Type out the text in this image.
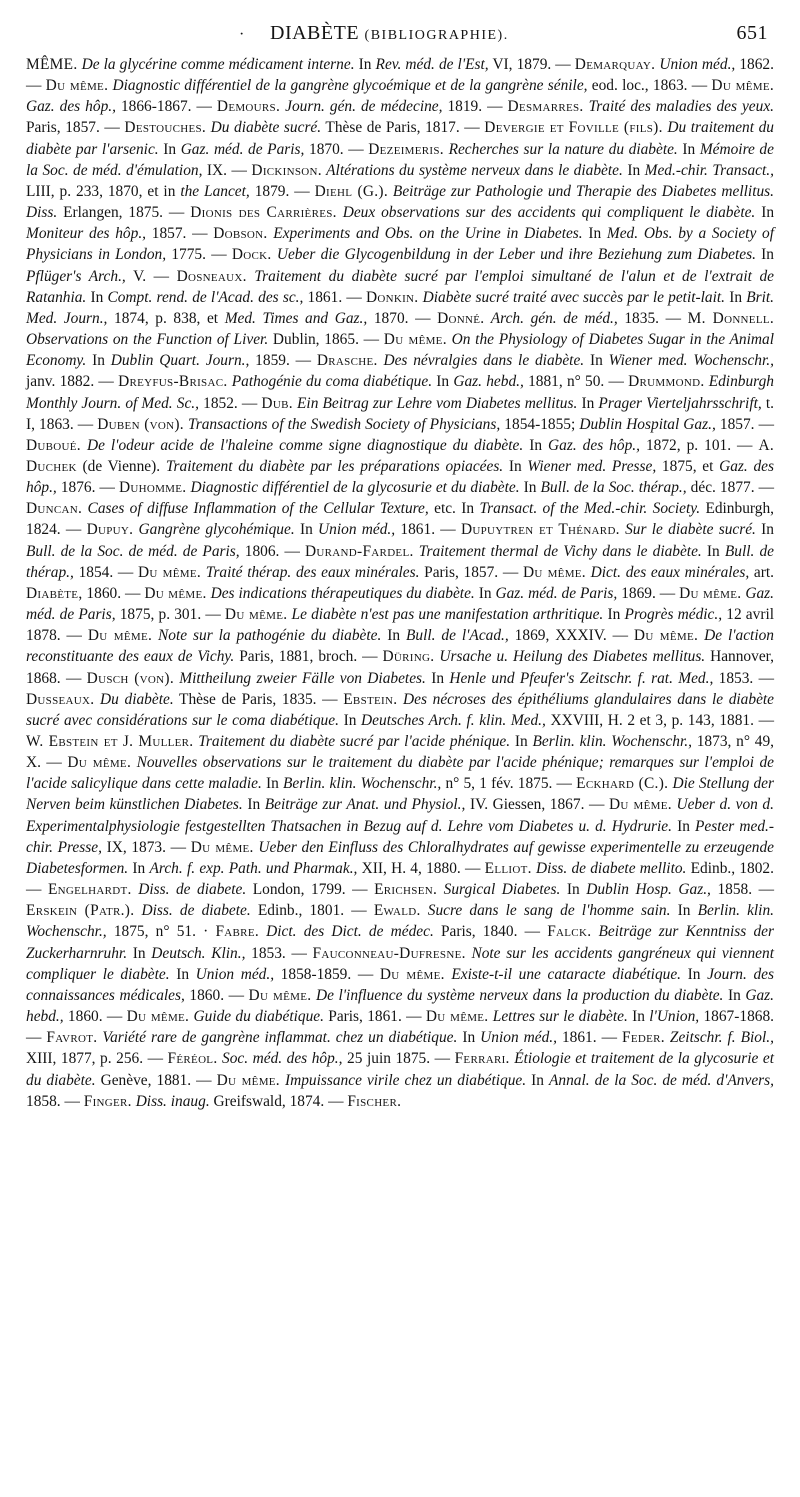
· DIABÈTE (BIBLIOGRAPHIE).	651
MÊME. De la glycérine comme médicament interne. In Rev. méd. de l'Est, VI, 1879. — Demarquay. Union méd., 1862. — Du même. Diagnostic différentiel de la gangrène glycoémique et de la gangrène sénile, eod. loc., 1863. — Du même. Gaz. des hôp., 1866-1867. — Demours. Journ. gén. de médecine, 1819. — Desmarres. Traité des maladies des yeux. Paris, 1857. — Destouches. Du diabète sucré. Thèse de Paris, 1817. — Devergie et Foville (fils). Du traitement du diabète par l'arsenic. In Gaz. méd. de Paris, 1870. — Dezeimeris. Recherches sur la nature du diabète. In Mémoire de la Soc. de méd. d'émulation, IX. — Dickinson. Altérations du système nerveux dans le diabète. In Med.-chir. Transact., LIII, p. 233, 1870, et in the Lancet, 1879. — Diehl (G.). Beiträge zur Pathologie und Therapie des Diabetes mellitus. Diss. Erlangen, 1875. — Dionis des Carrières. Deux observations sur des accidents qui compliquent le diabète. In Moniteur des hôp., 1857. — Dobson. Experiments and Obs. on the Urine in Diabetes. In Med. Obs. by a Society of Physicians in London, 1775. — Dock. Ueber die Glycogenbildung in der Leber und ihre Beziehung zum Diabetes. In Pflüger's Arch., V. — Dosneaux. Traitement du diabète sucré par l'emploi simultané de l'alun et de l'extrait de Ratanhia. In Compt. rend. de l'Acad. des sc., 1861. — Donkin. Diabète sucré traité avec succès par le petit-lait. In Brit. Med. Journ., 1874, p. 838, et Med. Times and Gaz., 1870. — Donné. Arch. gén. de méd., 1835. — M. Donnell. Observations on the Function of Liver. Dublin, 1865. — Du même. On the Physiology of Diabetes Sugar in the Animal Economy. In Dublin Quart. Journ., 1859. — Drasche. Des névralgies dans le diabète. In Wiener med. Wochenschr., janv. 1882. — Dreyfus-Brisac. Pathogénie du coma diabétique. In Gaz. hebd., 1881, n° 50. — Drummond. Edinburgh Monthly Journ. of Med. Sc., 1852. — Dub. Ein Beitrag zur Lehre vom Diabetes mellitus. In Prager Vierteljahrsschrift, t. I, 1863. — Duben (von). Transactions of the Swedish Society of Physicians, 1854-1855; Dublin Hospital Gaz., 1857. — Duboué. De l'odeur acide de l'haleine comme signe diagnostique du diabète. In Gaz. des hôp., 1872, p. 101. — A. Duchek (de Vienne). Traitement du diabète par les préparations opiacées. In Wiener med. Presse, 1875, et Gaz. des hôp., 1876. — Duhomme. Diagnostic différentiel de la glycosurie et du diabète. In Bull. de la Soc. thérap., déc. 1877. — Duncan. Cases of diffuse Inflammation of the Cellular Texture, etc. In Transact. of the Med.-chir. Society. Edinburgh, 1824. — Dupuy. Gangrène glycohémique. In Union méd., 1861. — Dupuytren et Thénard. Sur le diabète sucré. In Bull. de la Soc. de méd. de Paris, 1806. — Durand-Fardel. Traitement thermal de Vichy dans le diabète. In Bull. de thérap., 1854. — Du même. Traité thérap. des eaux minérales. Paris, 1857. — Du même. Dict. des eaux minérales, art. Diabète, 1860. — Du même. Des indications thérapeutiques du diabète. In Gaz. méd. de Paris, 1869. — Du même. Gaz. méd. de Paris, 1875, p. 301. — Du même. Le diabète n'est pas une manifestation arthritique. In Progrès médic., 12 avril 1878. — Du même. Note sur la pathogénie du diabète. In Bull. de l'Acad., 1869, XXXIV. — Du même. De l'action reconstituante des eaux de Vichy. Paris, 1881, broch. — Düring. Ursache u. Heilung des Diabetes mellitus. Hannover, 1868. — Dusch (von). Mittheilung zweier Fälle von Diabetes. In Henle und Pfeufer's Zeitschr. f. rat. Med., 1853. — Dusseaux. Du diabète. Thèse de Paris, 1835. — Ebstein. Des nécroses des épithéliums glandulaires dans le diabète sucré avec considérations sur le coma diabétique. In Deutsches Arch. f. klin. Med., XXVIII, H. 2 et 3, p. 143, 1881. — W. Ebstein et J. Muller. Traitement du diabète sucré par l'acide phénique. In Berlin. klin. Wochenschr., 1873, n° 49, X. — Du même. Nouvelles observations sur le traitement du diabète par l'acide phénique; remarques sur l'emploi de l'acide salicylique dans cette maladie. In Berlin. klin. Wochenschr., n° 5, 1 fév. 1875. — Eckhard (C.). Die Stellung der Nerven beim künstlichen Diabetes. In Beiträge zur Anat. und Physiol., IV. Giessen, 1867. — Du même. Ueber d. von d. Experimentalphysiologie festgestellten Thatsachen in Bezug auf d. Lehre vom Diabetes u. d. Hydrurie. In Pester med.-chir. Presse, IX, 1873. — Du même. Ueber den Einfluss des Chloralhydrates auf gewisse experimentelle zu erzeugende Diabetesformen. In Arch. f. exp. Path. und Pharmak., XII, H. 4, 1880. — Elliot. Diss. de diabete mellito. Edinb., 1802. — Engelhardt. Diss. de diabete. London, 1799. — Erichsen. Surgical Diabetes. In Dublin Hosp. Gaz., 1858. — Erskein (Patr.). Diss. de diabete. Edinb., 1801. — Ewald. Sucre dans le sang de l'homme sain. In Berlin. klin. Wochenschr., 1875, n° 51. · Fabre. Dict. des Dict. de médec. Paris, 1840. — Falck. Beiträge zur Kenntniss der Zuckerharnruhr. In Deutsch. Klin., 1853. — Fauconneau-Dufresne. Note sur les accidents gangréneux qui viennent compliquer le diabète. In Union méd., 1858-1859. — Du même. Existe-t-il une cataracte diabétique. In Journ. des connaissances médicales, 1860. — Du même. De l'influence du système nerveux dans la production du diabète. In Gaz. hebd., 1860. — Du même. Guide du diabétique. Paris, 1861. — Du même. Lettres sur le diabète. In l'Union, 1867-1868. — Favrot. Variété rare de gangrène inflammat. chez un diabétique. In Union méd., 1861. — Feder. Zeitschr. f. Biol., XIII, 1877, p. 256. — Féréol. Soc. méd. des hôp., 25 juin 1875. — Ferrari. Étiologie et traitement de la glycosurie et du diabète. Genève, 1881. — Du même. Impuissance virile chez un diabétique. In Annal. de la Soc. de méd. d'Anvers, 1858. — Finger. Diss. inaug. Greifswald, 1874. — Fischer.
